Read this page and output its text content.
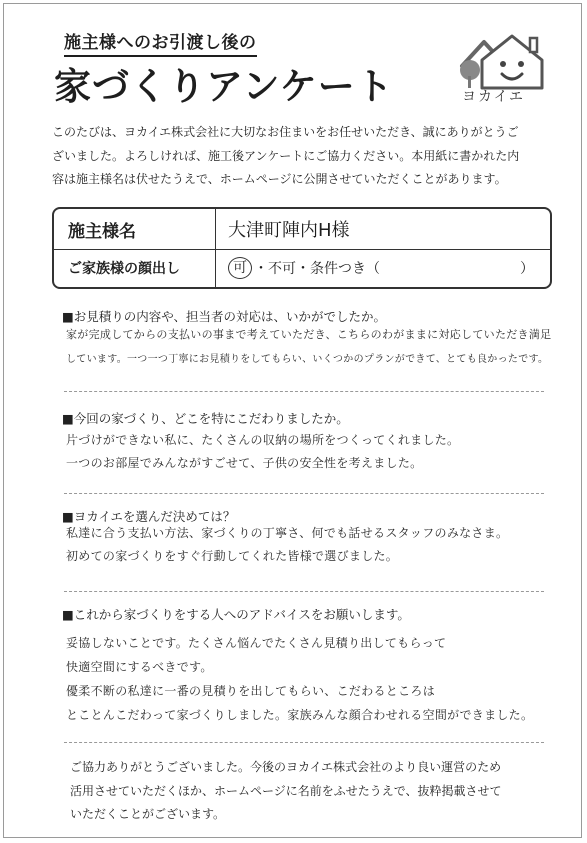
施主様へのお引渡し後の
家づくりアンケート	ヨカイエ
このたびは、ヨカイエ株式会社に大切なお住まいをお任せいただき、誠にありがとうご
ざいました。よろしければ、施工後アンケートにご協力ください。本用紙に書かれた内
容は施主様名は伏せたうえで、ホームページに公開させていただくことがあります。
施主様名	大津町陣内H様
ご家族様の顔出し	可 ・不可・条件つき（	）
■お見積りの内容や、担当者の対応は、いかがでしたか。
家が完成してからの支払いの事まで考えていただき、こちらのわがままに対応していただき満足
しています。一つ一つ丁寧にお見積りをしてもらい、いくつかのプランができて、とても良かったです。
■今回の家づくり、どこを特にこだわりましたか。
片づけができない私に、たくさんの収納の場所をつくってくれました。
一つのお部屋でみんながすごせて、子供の安全性を考えました。
■ヨカイエを選んだ決めては？
私達に合う支払い方法、家づくりの丁寧さ、何でも話せるスタッフのみなさま。
初めての家づくりをすぐ行動してくれた皆様で選びました。
■これから家づくりをする人へのアドバイスをお願いします。
妥協しないことです。たくさん悩んでたくさん見積り出してもらって
快適空間にするべきです。
優柔不断の私達に一番の見積りを出してもらい、こだわるところは
とことんこだわって家づくりしました。家族みんな顔合わせれる空間ができました。
ご協力ありがとうございました。今後のヨカイエ株式会社のより良い運営のため
活用させていただくほか、ホームページに名前をふせたうえで、抜粋掲載させて
いただくことがございます。
